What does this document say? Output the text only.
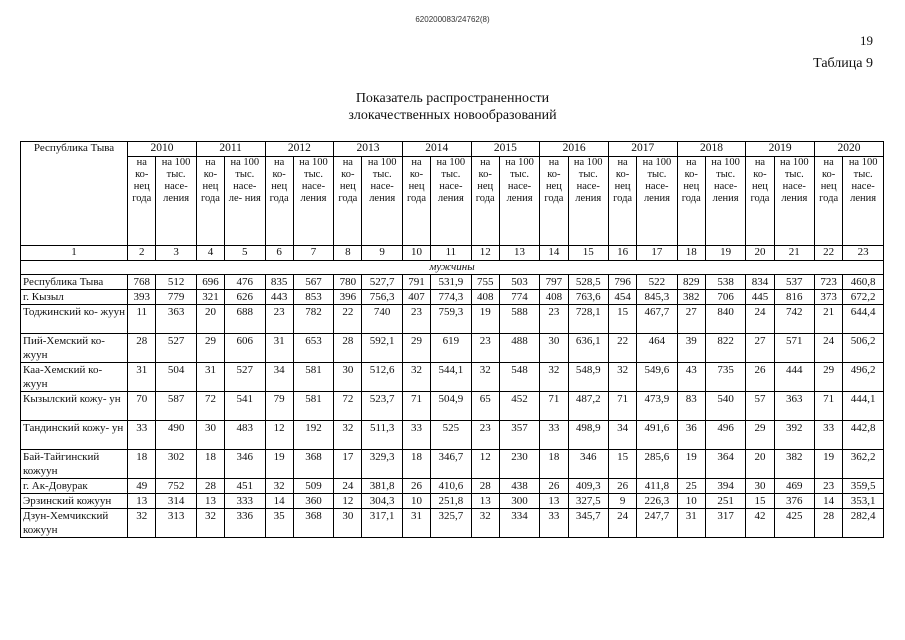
620200083/24762(8)
19
Таблица 9
Показатель распространенности
злокачественных новообразований
Республика Тыва	2010		2011		2012		2013		2014		2015		2016		2017		2018		2019		2020	
	на ко- нец года	на 100 тыс. насе- ления	на ко- нец года	на 100 тыс. насе- ле- ния	на ко- нец года	на 100 тыс. насе- ления	на ко- нец года	на 100 тыс. насе- ления	на ко- нец года	на 100 тыс. насе- ления	на ко- нец года	на 100 тыс. насе- ления	на ко- нец года	на 100 тыс. насе- ления	на ко- нец года	на 100 тыс. насе- ления	на ко- нец года	на 100 тыс. насе- ления	на ко- нец года	на 100 тыс. насе- ления	на ко- нец года	на 100 тыс. насе- ления
1	2	3	4	5	6	7	8	9	10	11	12	13	14	15	16	17	18	19	20	21	22	23
мужчины																						
Республика Тыва	768	512	696	476	835	567	780	527,7	791	531,9	755	503	797	528,5	796	522	829	538	834	537	723	460,8
г. Кызыл	393	779	321	626	443	853	396	756,3	407	774,3	408	774	408	763,6	454	845,3	382	706	445	816	373	672,2
Тоджинский ко- жуун	11	363	20	688	23	782	22	740	23	759,3	19	588	23	728,1	15	467,7	27	840	24	742	21	644,4
Пий-Хемский ко- жуун	28	527	29	606	31	653	28	592,1	29	619	23	488	30	636,1	22	464	39	822	27	571	24	506,2
Каа-Хемский ко- жуун	31	504	31	527	34	581	30	512,6	32	544,1	32	548	32	548,9	32	549,6	43	735	26	444	29	496,2
Кызылский кожу- ун	70	587	72	541	79	581	72	523,7	71	504,9	65	452	71	487,2	71	473,9	83	540	57	363	71	444,1
Тандинский кожу- ун	33	490	30	483	12	192	32	511,3	33	525	23	357	33	498,9	34	491,6	36	496	29	392	33	442,8
Бай-Тайгинский кожуун	18	302	18	346	19	368	17	329,3	18	346,7	12	230	18	346	15	285,6	19	364	20	382	19	362,2
г. Ак-Довурак	49	752	28	451	32	509	24	381,8	26	410,6	28	438	26	409,3	26	411,8	25	394	30	469	23	359,5
Эрзинский кожуун	13	314	13	333	14	360	12	304,3	10	251,8	13	300	13	327,5	9	226,3	10	251	15	376	14	353,1
Дзун-Хемчикский кожуун	32	313	32	336	35	368	30	317,1	31	325,7	32	334	33	345,7	24	247,7	31	317	42	425	28	282,4
